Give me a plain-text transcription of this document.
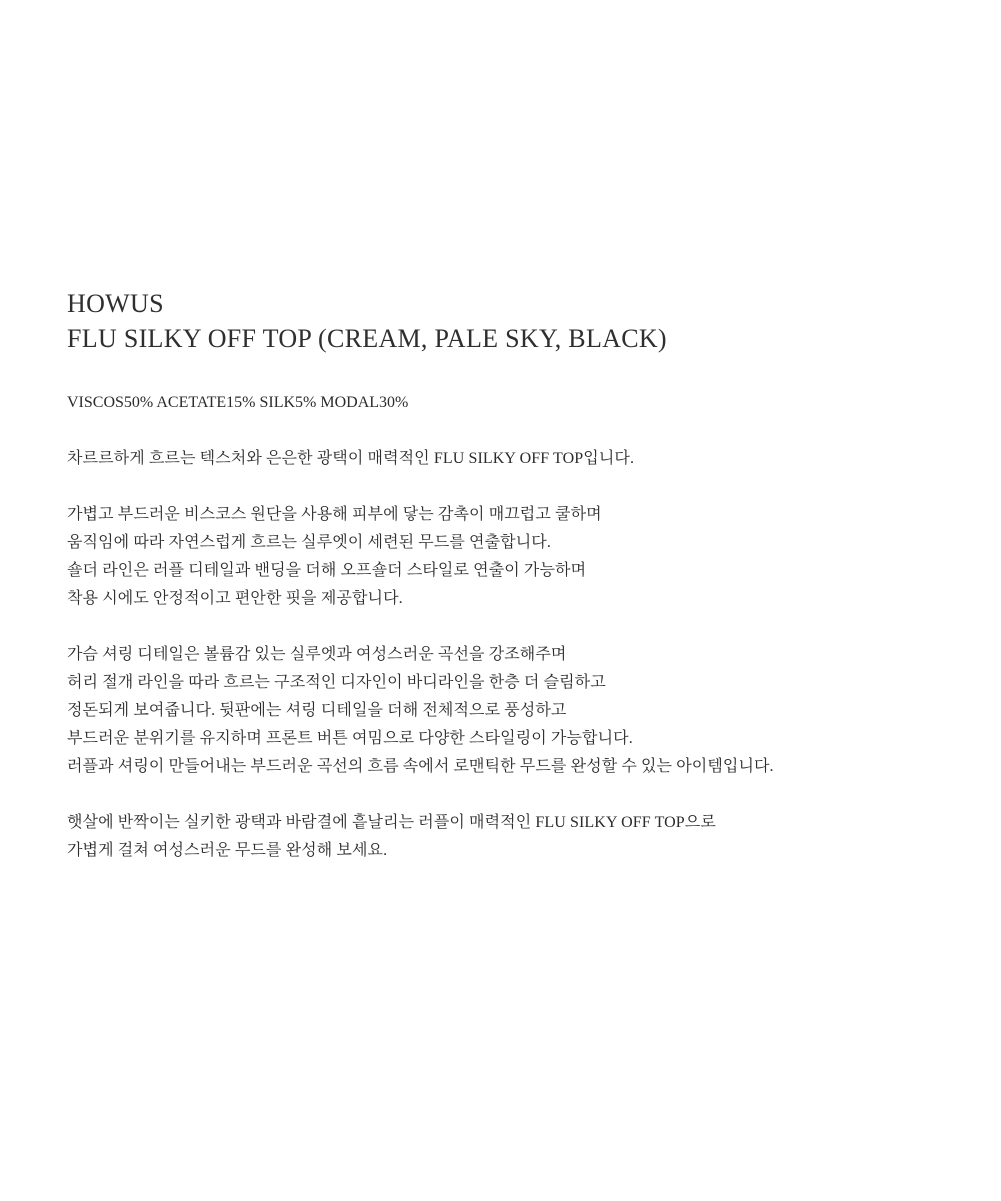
HOWUS
FLU SILKY OFF TOP (CREAM, PALE SKY, BLACK)
VISCOS50% ACETATE15% SILK5% MODAL30%
차르르하게 흐르는 텍스처와 은은한 광택이 매력적인 FLU SILKY OFF TOP입니다.
가볍고 부드러운 비스코스 원단을 사용해 피부에 닿는 감촉이 매끄럽고 쿨하며
움직임에 따라 자연스럽게 흐르는 실루엣이 세련된 무드를 연출합니다.
숄더 라인은 러플 디테일과 밴딩을 더해 오프숄더 스타일로 연출이 가능하며
착용 시에도 안정적이고 편안한 핏을 제공합니다.
가슴 셔링 디테일은 볼륨감 있는 실루엣과 여성스러운 곡선을 강조해주며
허리 절개 라인을 따라 흐르는 구조적인 디자인이 바디라인을 한층 더 슬림하고
정돈되게 보여줍니다. 뒷판에는 셔링 디테일을 더해 전체적으로 풍성하고
부드러운 분위기를 유지하며 프론트 버튼 여밈으로 다양한 스타일링이 가능합니다.
러플과 셔링이 만들어내는 부드러운 곡선의 흐름 속에서 로맨틱한 무드를 완성할 수 있는 아이템입니다.
햇살에 반짝이는 실키한 광택과 바람결에 흩날리는 러플이 매력적인 FLU SILKY OFF TOP으로
가볍게 걸쳐 여성스러운 무드를 완성해 보세요.
